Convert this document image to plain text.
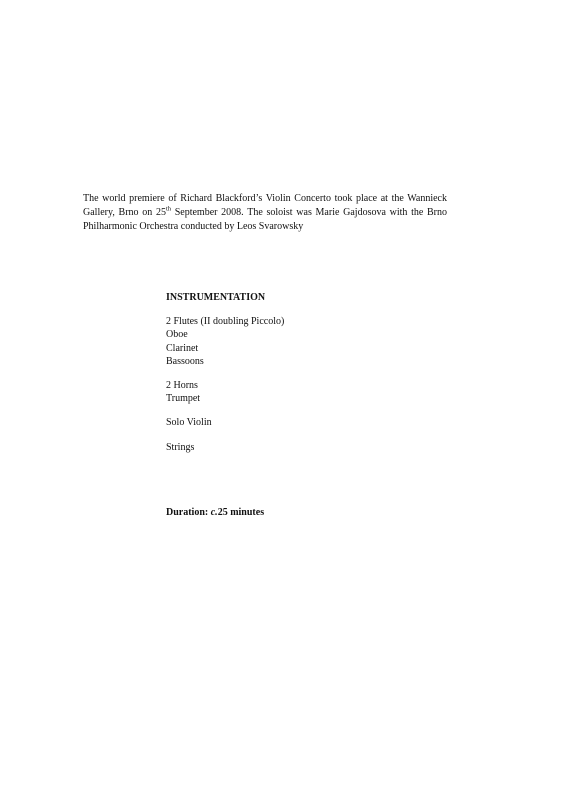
The world premiere of Richard Blackford’s Violin Concerto took place at the Wannieck Gallery, Brno on 25th September 2008. The soloist was Marie Gajdosova with the Brno Philharmonic Orchestra conducted by Leos Svarowsky

INSTRUMENTATION
2 Flutes (II doubling Piccolo)
Oboe
Clarinet
Bassoons
2 Horns
Trumpet
Solo Violin
Strings
Duration: c.25 minutes
